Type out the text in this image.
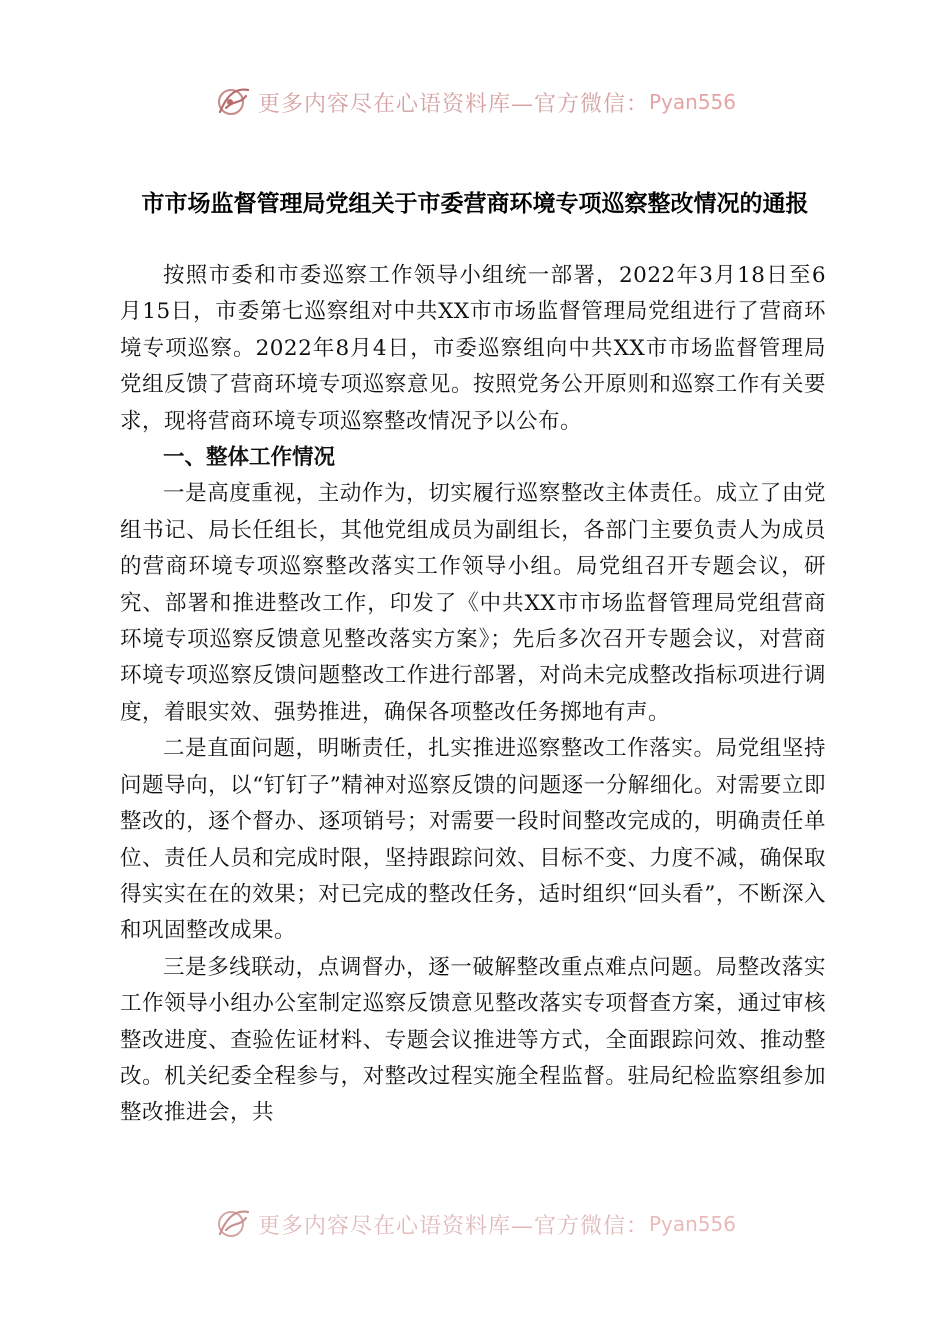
更多内容尽在心语资料库—官方微信： Pyan556
市市场监督管理局党组关于市委营商环境专项巡察整改情况的通报

按照市委和市委巡察工作领导小组统一部署，2022年3月18日至6月15日，市委第七巡察组对中共XX市市场监督管理局党组进行了营商环境专项巡察。2022年8月4日，市委巡察组向中共XX市市场监督管理局党组反馈了营商环境专项巡察意见。按照党务公开原则和巡察工作有关要求，现将营商环境专项巡察整改情况予以公布。

一、整体工作情况

一是高度重视，主动作为，切实履行巡察整改主体责任。成立了由党组书记、局长任组长，其他党组成员为副组长，各部门主要负责人为成员的营商环境专项巡察整改落实工作领导小组。局党组召开专题会议，研究、部署和推进整改工作，印发了《中共XX市市场监督管理局党组营商环境专项巡察反馈意见整改落实方案》；先后多次召开专题会议，对营商环境专项巡察反馈问题整改工作进行部署，对尚未完成整改指标项进行调度，着眼实效、强势推进，确保各项整改任务掷地有声。

二是直面问题，明晰责任，扎实推进巡察整改工作落实。局党组坚持问题导向，以“钉钉子”精神对巡察反馈的问题逐一分解细化。对需要立即整改的，逐个督办、逐项销号；对需要一段时间整改完成的，明确责任单位、责任人员和完成时限，坚持跟踪问效、目标不变、力度不减，确保取得实实在在的效果；对已完成的整改任务，适时组织“回头看”，不断深入和巩固整改成果。

三是多线联动，点调督办，逐一破解整改重点难点问题。局整改落实工作领导小组办公室制定巡察反馈意见整改落实专项督查方案，通过审核整改进度、查验佐证材料、专题会议推进等方式，全面跟踪问效、推动整改。机关纪委全程参与，对整改过程实施全程监督。驻局纪检监察组参加整改推进会，共

更多内容尽在心语资料库—官方微信： Pyan556
